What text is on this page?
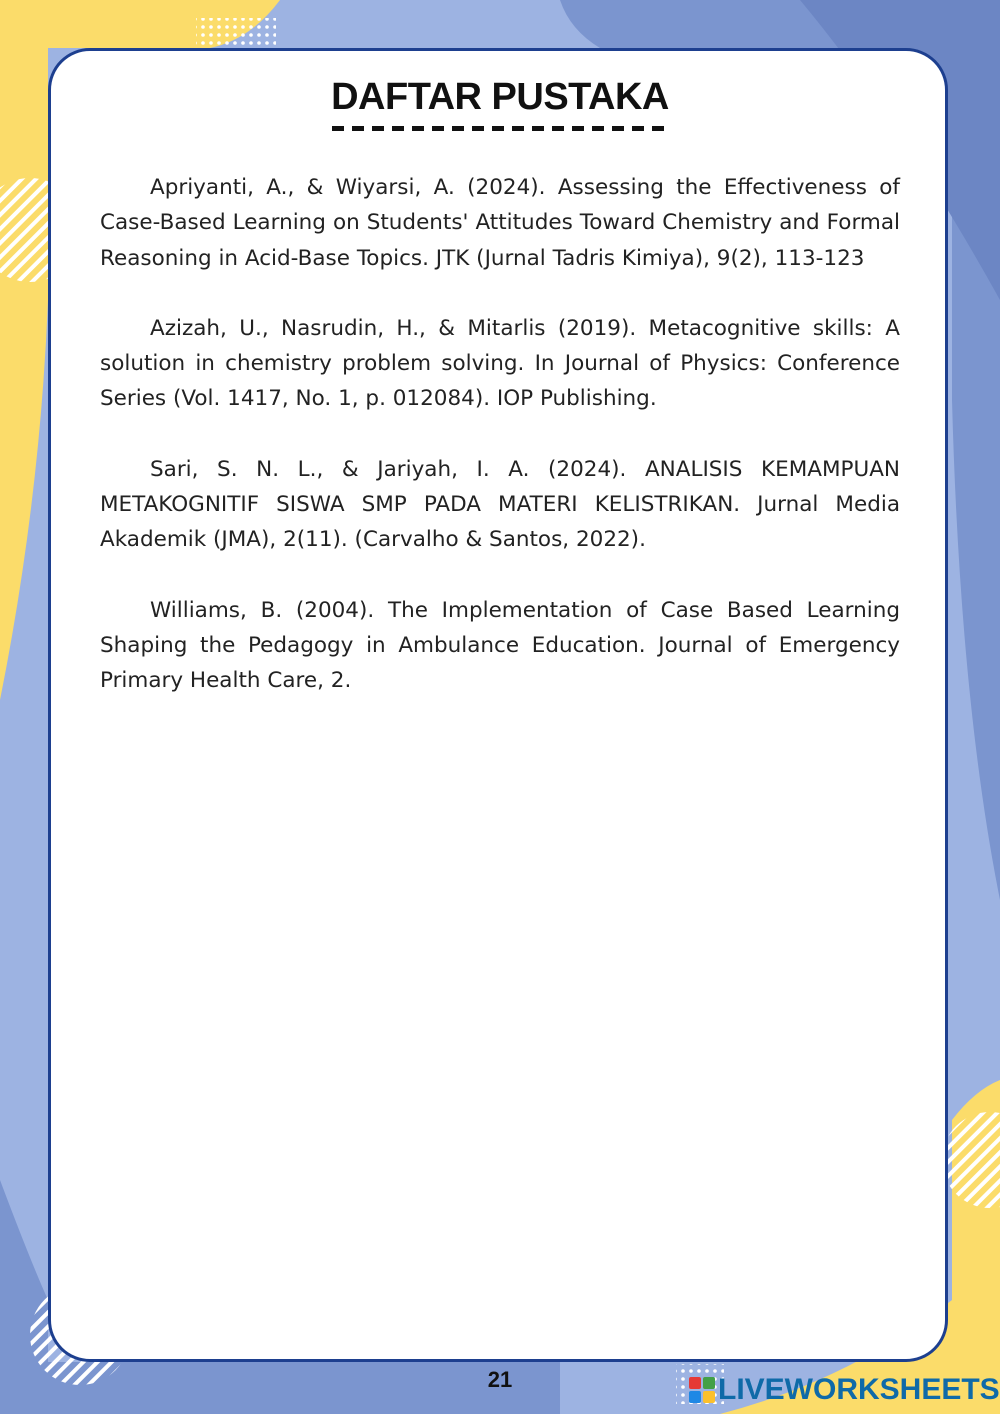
DAFTAR PUSTAKA

Apriyanti, A., & Wiyarsi, A. (2024). Assessing the Effectiveness of Case-Based Learning on Students' Attitudes Toward Chemistry and Formal Reasoning in Acid-Base Topics. JTK (Jurnal Tadris Kimiya), 9(2), 113-123

Azizah, U., Nasrudin, H., & Mitarlis (2019). Metacognitive skills: A solution in chemistry problem solving. In Journal of Physics: Conference Series (Vol. 1417, No. 1, p. 012084). IOP Publishing.

Sari, S. N. L., & Jariyah, I. A. (2024). ANALISIS KEMAMPUAN METAKOGNITIF SISWA SMP PADA MATERI KELISTRIKAN. Jurnal Media Akademik (JMA), 2(11). (Carvalho & Santos, 2022).

Williams, B. (2004). The Implementation of Case Based Learning Shaping the Pedagogy in Ambulance Education. Journal of Emergency Primary Health Care, 2.

21	LIVEWORKSHEETS
